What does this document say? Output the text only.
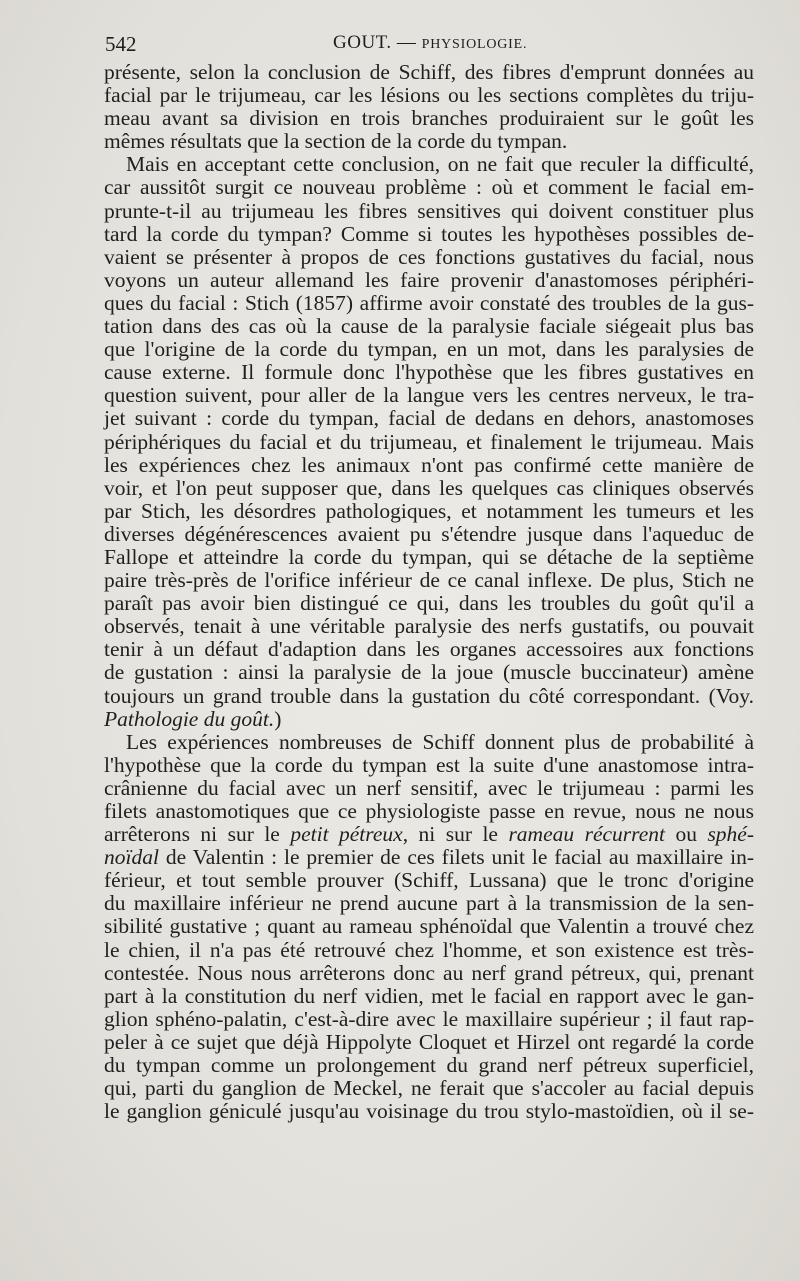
542	GOUT. — PHYSIOLOGIE.
présente, selon la conclusion de Schiff, des fibres d'emprunt données au
facial par le trijumeau, car les lésions ou les sections complètes du triju-
meau avant sa division en trois branches produiraient sur le goût les
mêmes résultats que la section de la corde du tympan.
Mais en acceptant cette conclusion, on ne fait que reculer la difficulté,
car aussitôt surgit ce nouveau problème : où et comment le facial em-
prunte-t-il au trijumeau les fibres sensitives qui doivent constituer plus
tard la corde du tympan? Comme si toutes les hypothèses possibles de-
vaient se présenter à propos de ces fonctions gustatives du facial, nous
voyons un auteur allemand les faire provenir d'anastomoses périphéri-
ques du facial : Stich (1857) affirme avoir constaté des troubles de la gus-
tation dans des cas où la cause de la paralysie faciale siégeait plus bas
que l'origine de la corde du tympan, en un mot, dans les paralysies de
cause externe. Il formule donc l'hypothèse que les fibres gustatives en
question suivent, pour aller de la langue vers les centres nerveux, le tra-
jet suivant : corde du tympan, facial de dedans en dehors, anastomoses
périphériques du facial et du trijumeau, et finalement le trijumeau. Mais
les expériences chez les animaux n'ont pas confirmé cette manière de
voir, et l'on peut supposer que, dans les quelques cas cliniques observés
par Stich, les désordres pathologiques, et notamment les tumeurs et les
diverses dégénérescences avaient pu s'étendre jusque dans l'aqueduc de
Fallope et atteindre la corde du tympan, qui se détache de la septième
paire très-près de l'orifice inférieur de ce canal inflexe. De plus, Stich ne
paraît pas avoir bien distingué ce qui, dans les troubles du goût qu'il a
observés, tenait à une véritable paralysie des nerfs gustatifs, ou pouvait
tenir à un défaut d'adaption dans les organes accessoires aux fonctions
de gustation : ainsi la paralysie de la joue (muscle buccinateur) amène
toujours un grand trouble dans la gustation du côté correspondant. (Voy.
Pathologie du goût.)
Les expériences nombreuses de Schiff donnent plus de probabilité à
l'hypothèse que la corde du tympan est la suite d'une anastomose intra-
crânienne du facial avec un nerf sensitif, avec le trijumeau : parmi les
filets anastomotiques que ce physiologiste passe en revue, nous ne nous
arrêterons ni sur le petit pétreux, ni sur le rameau récurrent ou sphé-
noïdal de Valentin : le premier de ces filets unit le facial au maxillaire in-
férieur, et tout semble prouver (Schiff, Lussana) que le tronc d'origine
du maxillaire inférieur ne prend aucune part à la transmission de la sen-
sibilité gustative ; quant au rameau sphénoïdal que Valentin a trouvé chez
le chien, il n'a pas été retrouvé chez l'homme, et son existence est très-
contestée. Nous nous arrêterons donc au nerf grand pétreux, qui, prenant
part à la constitution du nerf vidien, met le facial en rapport avec le gan-
glion sphéno-palatin, c'est-à-dire avec le maxillaire supérieur ; il faut rap-
peler à ce sujet que déjà Hippolyte Cloquet et Hirzel ont regardé la corde
du tympan comme un prolongement du grand nerf pétreux superficiel,
qui, parti du ganglion de Meckel, ne ferait que s'accoler au facial depuis
le ganglion géniculé jusqu'au voisinage du trou stylo-mastoïdien, où il se-
